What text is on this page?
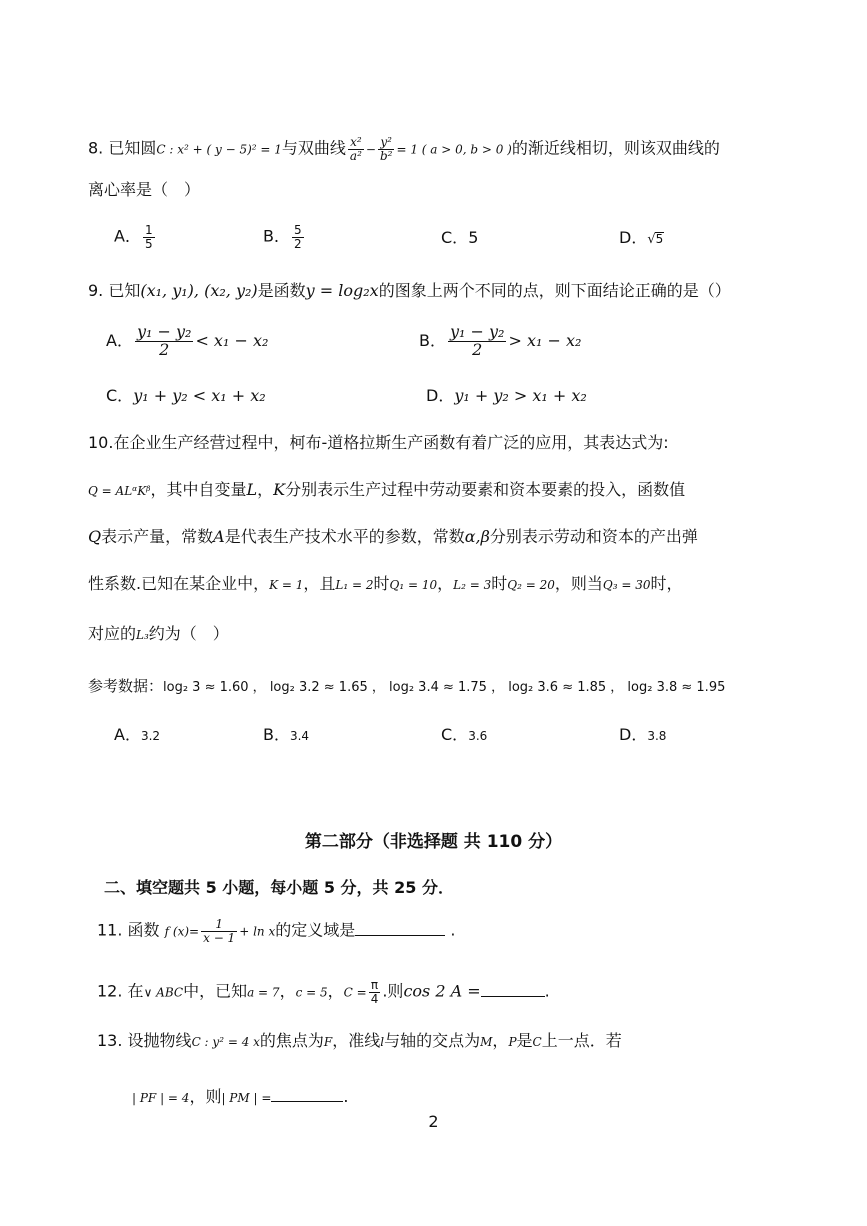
8. 已知圆C : x² + ( y − 5)² = 1与双曲线 $\frac{\text{x²}}{\text{a²}} - \frac{\text{y²}}{\text{b²}} = 1$ ( a > 0, b > 0 )的渐近线相切，则该双曲线的
离心率是（　）
A． $\frac{1}{5}$	B． $\frac{5}{2}$	C．5	D．√5
9. 已知(x₁, y₁), (x₂, y₂)是函数y = log₂x的图象上两个不同的点，则下面结论正确的是（）
A． $\frac{\text{y₁ − y₂}}{2} < x_1 - x_2$	B． $\frac{\text{y₁ − y₂}}{2} > x_1 - x_2$
C．y₁ + y₂ < x₁ + x₂	D．y₁ + y₂ > x₁ + x₂
10.在企业生产经营过程中，柯布-道格拉斯生产函数有着广泛的应用，其表达式为:
$Q = AL^\alpha K^\beta$，其中自变量L，K分别表示生产过程中劳动要素和资本要素的投入，函数值
Q表示产量，常数A是代表生产技术水平的参数，常数α,β分别表示劳动和资本的产出弹
性系数.已知在某企业中，K = 1，且L₁ = 2时Q₁ = 10，L₂ = 3时Q₂ = 20，则当Q₃ = 30时，
对应的L₃约为（　）
参考数据：log₂ 3 ≈ 1.60 ， log₂ 3.2 ≈ 1.65 ， log₂ 3.4 ≈ 1.75 ， log₂ 3.6 ≈ 1.85 ， log₂ 3.8 ≈ 1.95
A．3.2	B．3.4	C．3.6	D．3.8
第二部分（非选择题 共 110 分）
二、填空题共 5 小题，每小题 5 分，共 25 分．
11. 函数 f $(x)= \frac{1}{x - 1} + \ln x$的定义域是	.
12. 在∨ ABC中，已知a = 7，c = 5，$C = \frac{\pi}{4}$ .则cos 2 A =	.
13. 设抛物线C : y² = 4 x的焦点为F，准线l与轴的交点为M，P是C上一点．若
| PF | = 4，则| PM | =	.
2
